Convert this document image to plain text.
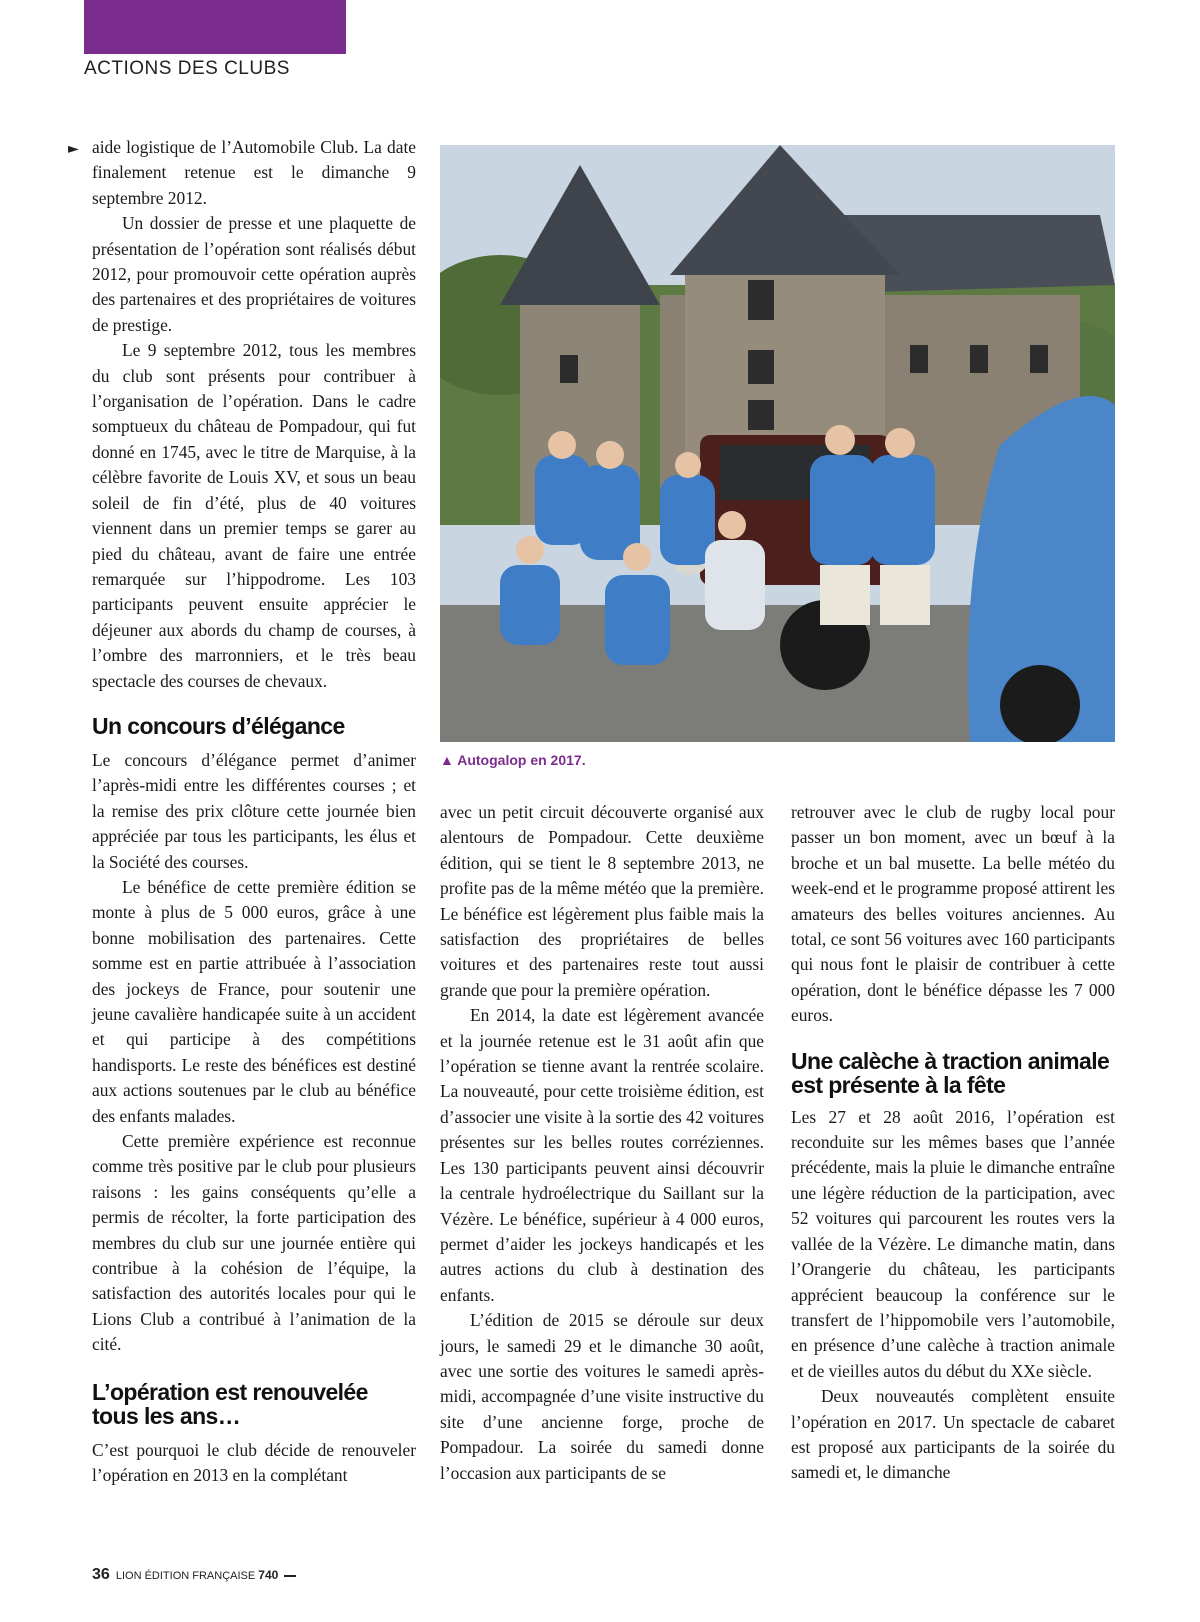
ACTIONS DES CLUBS
► aide logistique de l’Automobile Club. La date finalement retenue est le dimanche 9 septembre 2012.

Un dossier de presse et une plaquette de présentation de l’opération sont réalisés début 2012, pour promouvoir cette opération auprès des partenaires et des propriétaires de voitures de prestige.

Le 9 septembre 2012, tous les membres du club sont présents pour contribuer à l’organisation de l’opération. Dans le cadre somptueux du château de Pompadour, qui fut donné en 1745, avec le titre de Marquise, à la célèbre favorite de Louis XV, et sous un beau soleil de fin d’été, plus de 40 voitures viennent dans un premier temps se garer au pied du château, avant de faire une entrée remarquée sur l’hippodrome. Les 103 participants peuvent ensuite apprécier le déjeuner aux abords du champ de courses, à l’ombre des marronniers, et le très beau spectacle des courses de chevaux.

Un concours d’élégance

Le concours d’élégance permet d’animer l’après-midi entre les différentes courses ; et la remise des prix clôture cette journée bien appréciée par tous les participants, les élus et la Société des courses.

Le bénéfice de cette première édition se monte à plus de 5 000 euros, grâce à une bonne mobilisation des partenaires. Cette somme est en partie attribuée à l’association des jockeys de France, pour soutenir une jeune cavalière handicapée suite à un accident et qui participe à des compétitions handisports. Le reste des bénéfices est destiné aux actions soutenues par le club au bénéfice des enfants malades.

Cette première expérience est reconnue comme très positive par le club pour plusieurs raisons : les gains conséquents qu’elle a permis de récolter, la forte participation des membres du club sur une journée entière qui contribue à la cohésion de l’équipe, la satisfaction des autorités locales pour qui le Lions Club a contribué à l’animation de la cité.

L’opération est renouvelée tous les ans…

C’est pourquoi le club décide de renouveler l’opération en 2013 en la complétant

▲ Autogalop en 2017.

avec un petit circuit découverte organisé aux alentours de Pompadour. Cette deuxième édition, qui se tient le 8 septembre 2013, ne profite pas de la même météo que la première. Le bénéfice est légèrement plus faible mais la satisfaction des propriétaires de belles voitures et des partenaires reste tout aussi grande que pour la première opération.

En 2014, la date est légèrement avancée et la journée retenue est le 31 août afin que l’opération se tienne avant la rentrée scolaire. La nouveauté, pour cette troisième édition, est d’associer une visite à la sortie des 42 voitures présentes sur les belles routes corréziennes. Les 130 participants peuvent ainsi découvrir la centrale hydroélectrique du Saillant sur la Vézère. Le bénéfice, supérieur à 4 000 euros, permet d’aider les jockeys handicapés et les autres actions du club à destination des enfants.

L’édition de 2015 se déroule sur deux jours, le samedi 29 et le dimanche 30 août, avec une sortie des voitures le samedi après-midi, accompagnée d’une visite instructive du site d’une ancienne forge, proche de Pompadour. La soirée du samedi donne l’occasion aux participants de se

retrouver avec le club de rugby local pour passer un bon moment, avec un bœuf à la broche et un bal musette. La belle météo du week-end et le programme proposé attirent les amateurs des belles voitures anciennes. Au total, ce sont 56 voitures avec 160 participants qui nous font le plaisir de contribuer à cette opération, dont le bénéfice dépasse les 7 000 euros.

Une calèche à traction animale est présente à la fête

Les 27 et 28 août 2016, l’opération est reconduite sur les mêmes bases que l’année précédente, mais la pluie le dimanche entraîne une légère réduction de la participation, avec 52 voitures qui parcourent les routes vers la vallée de la Vézère. Le dimanche matin, dans l’Orangerie du château, les participants apprécient beaucoup la conférence sur le transfert de l’hippomobile vers l’automobile, en présence d’une calèche à traction animale et de vieilles autos du début du XXe siècle.

Deux nouveautés complètent ensuite l’opération en 2017. Un spectacle de cabaret est proposé aux participants de la soirée du samedi et, le dimanche

36 LION ÉDITION FRANÇAISE 740
